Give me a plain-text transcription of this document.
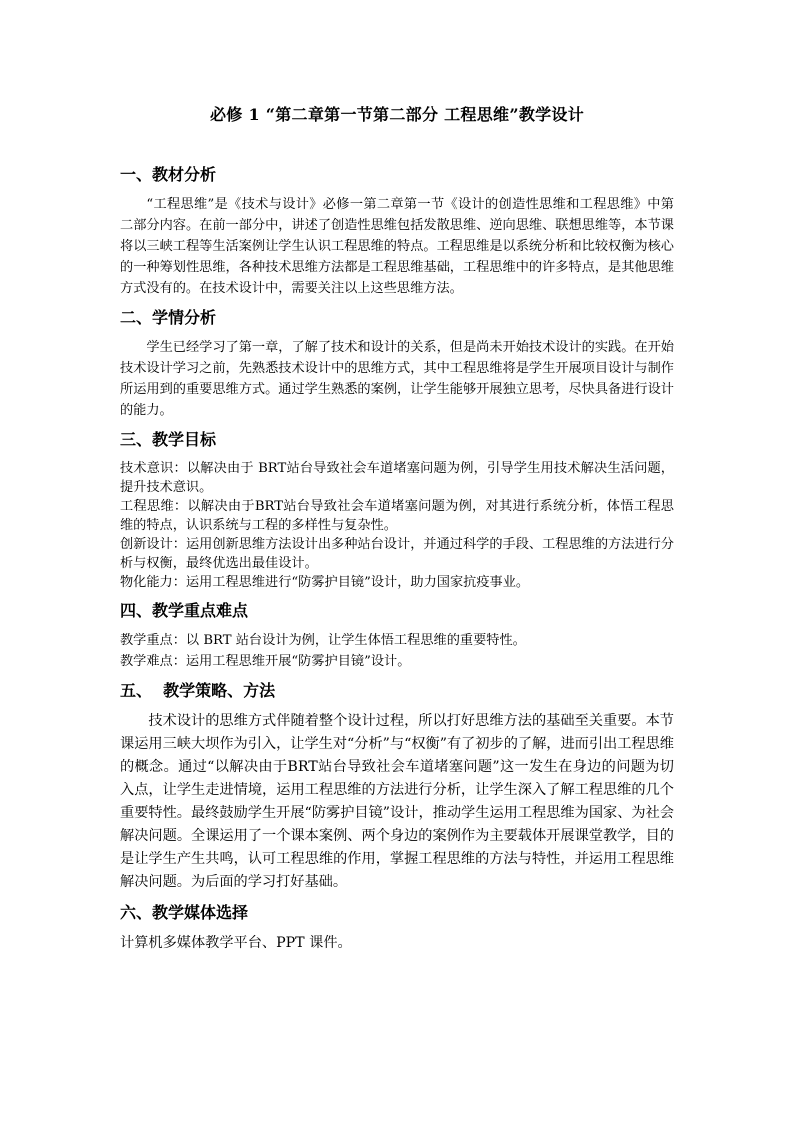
必修 1 “第二章第一节第二部分 工程思维”教学设计
一、教材分析

“工程思维”是《技术与设计》必修一第二章第一节《设计的创造性思维和工程思维》中第二部分内容。在前一部分中，讲述了创造性思维包括发散思维、逆向思维、联想思维等，本节课将以三峡工程等生活案例让学生认识工程思维的特点。工程思维是以系统分析和比较权衡为核心的一种筹划性思维，各种技术思维方法都是工程思维基础，工程思维中的许多特点，是其他思维方式没有的。在技术设计中，需要关注以上这些思维方法。

二、学情分析

学生已经学习了第一章，了解了技术和设计的关系，但是尚未开始技术设计的实践。在开始技术设计学习之前，先熟悉技术设计中的思维方式，其中工程思维将是学生开展项目设计与制作所运用到的重要思维方式。通过学生熟悉的案例，让学生能够开展独立思考，尽快具备进行设计的能力。

三、教学目标

技术意识：以解决由于 BRT站台导致社会车道堵塞问题为例，引导学生用技术解决生活问题，提升技术意识。

工程思维：以解决由于BRT站台导致社会车道堵塞问题为例，对其进行系统分析，体悟工程思维的特点，认识系统与工程的多样性与复杂性。

创新设计：运用创新思维方法设计出多种站台设计，并通过科学的手段、工程思维的方法进行分析与权衡，最终优选出最佳设计。

物化能力：运用工程思维进行“防雾护目镜”设计，助力国家抗疫事业。

四、教学重点难点

教学重点：以 BRT 站台设计为例，让学生体悟工程思维的重要特性。

教学难点：运用工程思维开展“防雾护目镜”设计。

五、  教学策略、方法

技术设计的思维方式伴随着整个设计过程，所以打好思维方法的基础至关重要。本节课运用三峡大坝作为引入，让学生对“分析”与“权衡”有了初步的了解，进而引出工程思维的概念。通过“以解决由于BRT站台导致社会车道堵塞问题”这一发生在身边的问题为切入点，让学生走进情境，运用工程思维的方法进行分析，让学生深入了解工程思维的几个重要特性。最终鼓励学生开展“防雾护目镜”设计，推动学生运用工程思维为国家、为社会解决问题。全课运用了一个课本案例、两个身边的案例作为主要载体开展课堂教学，目的是让学生产生共鸣，认可工程思维的作用，掌握工程思维的方法与特性，并运用工程思维解决问题。为后面的学习打好基础。

六、教学媒体选择

计算机多媒体教学平台、PPT 课件。
